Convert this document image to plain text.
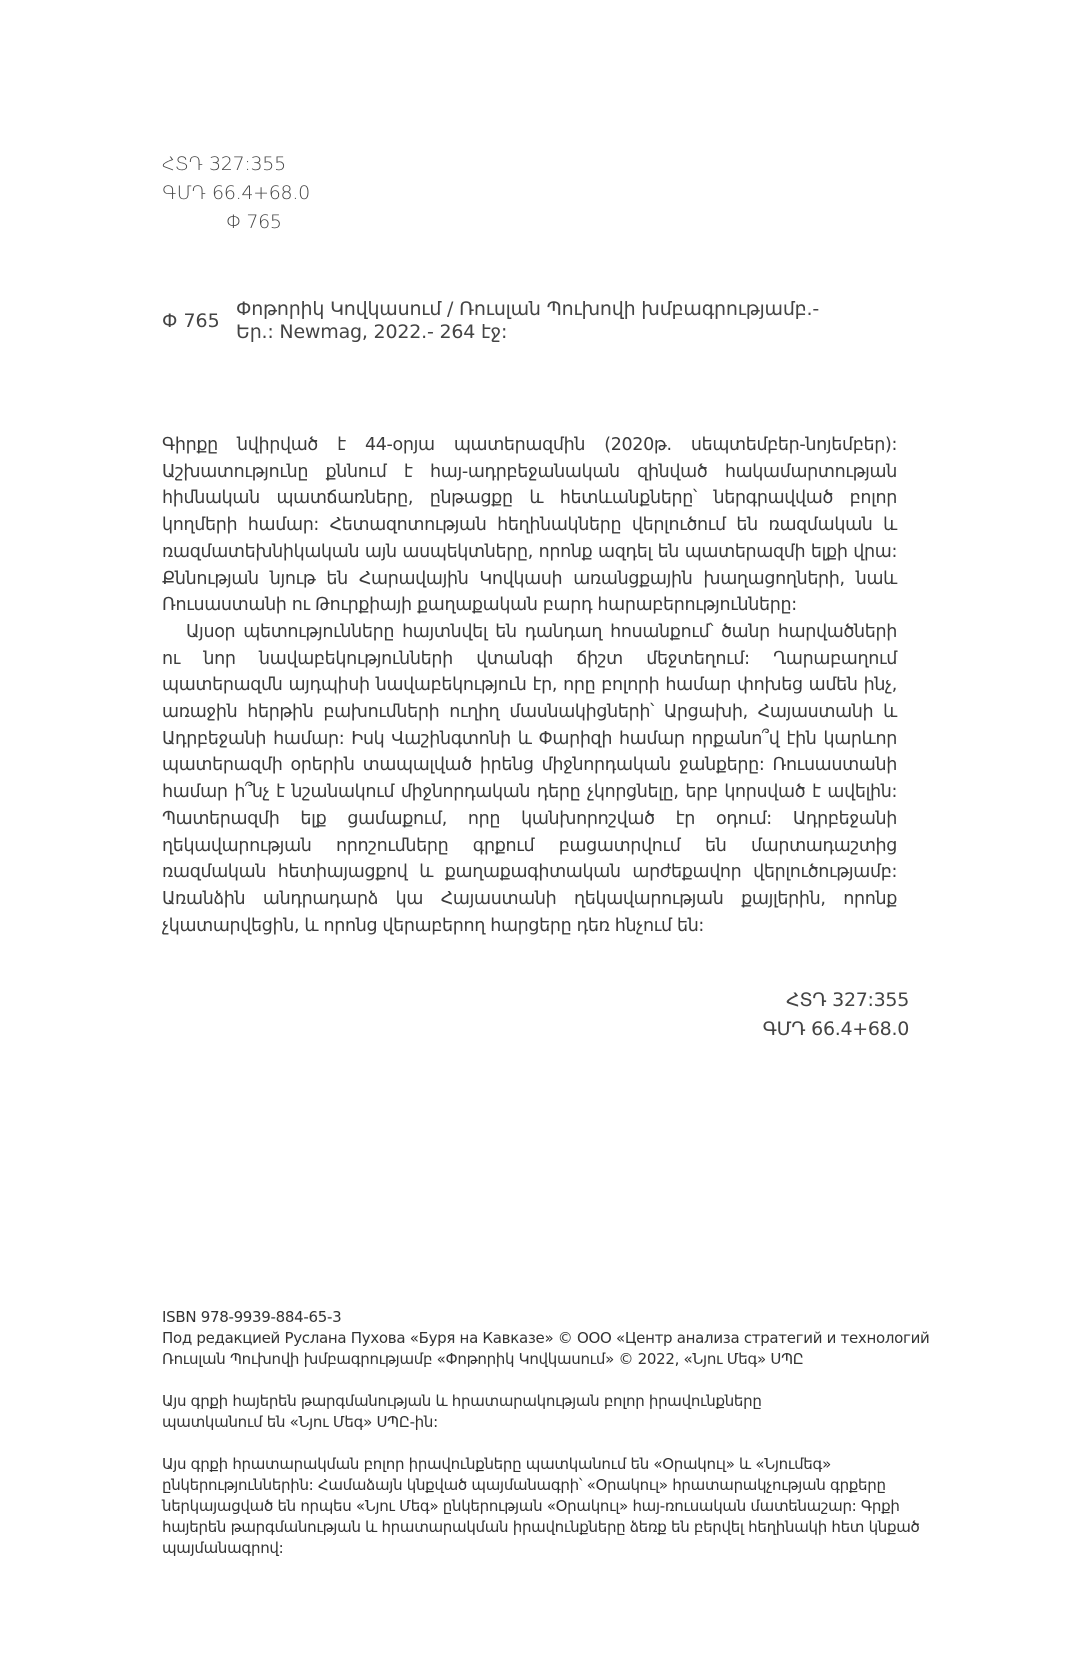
ՀՏԴ 327:355
ԳՄԴ 66.4+68.0
Փ 765
Փ 765
Փոթորիկ Կովկասում / Ռուսլան Պուխովի խմբագրությամբ.-
Եր.: Newmag, 2022.- 264 էջ:

Գիրքը նվիրված է 44-օրյա պատերազմին (2020թ. սեպտեմբեր-նոյեմբեր): Աշխատությունը քննում է հայ-ադրբեջանական զինված հակամարտության հիմնական պատճառները, ընթացքը և հետևանքները՝ ներգրավված բոլոր կողմերի համար: Հետազոտության հեղինակները վերլուծում են ռազմական և ռազմատեխնիկական այն ասպեկտները, որոնք ազդել են պատերազմի ելքի վրա: Քննության նյութ են Հարավային Կովկասի առանցքային խաղացողների, նաև Ռուսաստանի ու Թուրքիայի քաղաքական բարդ հարաբերությունները:

Այսօր պետությունները հայտնվել են դանդաղ հոսանքում՝ ծանր հարվածների ու նոր նավաբեկությունների վտանգի ճիշտ մեջտեղում: Ղարաբաղում պատերազմն այդպիսի նավաբեկություն էր, որը բոլորի համար փոխեց ամեն ինչ, առաջին հերթին բախումների ուղիղ մասնակիցների՝ Արցախի, Հայաստանի և Ադրբեջանի համար: Իսկ Վաշինգտոնի և Փարիզի համար որքանո՞վ էին կարևոր պատերազմի օրերին տապալված իրենց միջնորդական ջանքերը: Ռուսաստանի համար ի՞նչ է նշանակում միջնորդական դերը չկորցնելը, երբ կորսված է ավելին: Պատերազմի ելք ցամաքում, որը կանխորոշված էր օդում: Ադրբեջանի ղեկավարության որոշումները գրքում բացատրվում են մարտադաշտից ռազմական հետիայացքով և քաղաքագիտական արժեքավոր վերլուծությամբ: Առանձին անդրադարձ կա Հայաստանի ղեկավարության քայլերին, որոնք չկատարվեցին, և որոնց վերաբերող հարցերը դեռ հնչում են:

ՀՏԴ 327:355
ԳՄԴ 66.4+68.0

ISBN 978-9939-884-65-3

Под редакцией Руслана Пухова «Буря на Кавказе» © ООО «Центр анализа стратегий и технологий

Ռուսլան Պուխովի խմբագրությամբ «Փոթորիկ Կովկասում» © 2022, «Նյու Մեգ» ՍՊԸ

Այս գրքի հայերեն թարգմանության և հրատարակության բոլոր իրավունքները պատկանում են «Նյու Մեգ» ՍՊԸ-ին:

Այս գրքի հրատարակման բոլոր իրավունքները պատկանում են «Օրակուլ» և «Նյումեգ» ընկերություններին: Համաձայն կնքված պայմանագրի՝ «Օրակուլ» հրատարակչության գրքերը ներկայացված են որպես «Նյու Մեգ» ընկերության «Օրակուլ» հայ-ռուսական մատենաշար: Գրքի հայերեն թարգմանության և հրատարակման իրավունքները ձեռք են բերվել հեղինակի հետ կնքած պայմանագրով:
